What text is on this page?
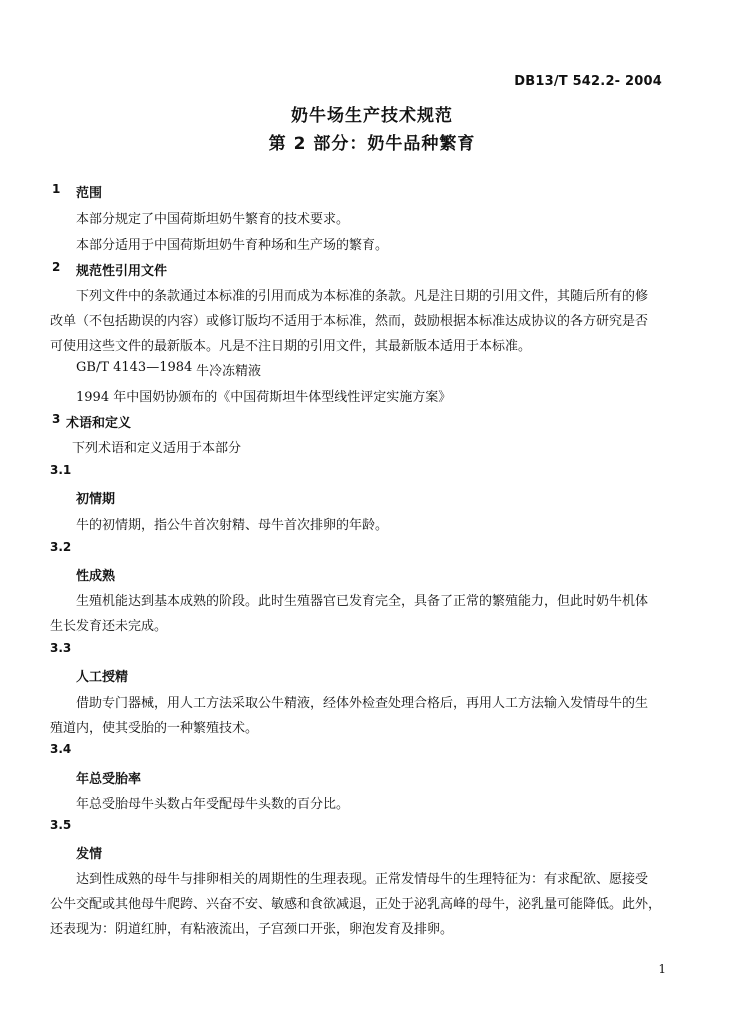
DB13/T 542.2- 2004
奶牛场生产技术规范
第 2 部分：奶牛品种繁育
1 范围
本部分规定了中国荷斯坦奶牛繁育的技术要求。
本部分适用于中国荷斯坦奶牛育种场和生产场的繁育。
2 规范性引用文件
下列文件中的条款通过本标准的引用而成为本标准的条款。凡是注日期的引用文件，其随后所有的修
改单（不包括勘误的内容）或修订版均不适用于本标准，然而，鼓励根据本标准达成协议的各方研究是否
可使用这些文件的最新版本。凡是不注日期的引用文件，其最新版本适用于本标准。
GB/T 4143—1984 牛冷冻精液
1994 年中国奶协颁布的《中国荷斯坦牛体型线性评定实施方案》
3 术语和定义
下列术语和定义适用于本部分
3.1
初情期
牛的初情期，指公牛首次射精、母牛首次排卵的年龄。
3.2
性成熟
生殖机能达到基本成熟的阶段。此时生殖器官已发育完全，具备了正常的繁殖能力，但此时奶牛机体
生长发育还未完成。
3.3
人工授精
借助专门器械，用人工方法采取公牛精液，经体外检查处理合格后，再用人工方法输入发情母牛的生
殖道内，使其受胎的一种繁殖技术。
3.4
年总受胎率
年总受胎母牛头数占年受配母牛头数的百分比。
3.5
发情
达到性成熟的母牛与排卵相关的周期性的生理表现。正常发情母牛的生理特征为：有求配欲、愿接受
公牛交配或其他母牛爬跨、兴奋不安、敏感和食欲减退，正处于泌乳高峰的母牛，泌乳量可能降低。此外，
还表现为：阴道红肿，有粘液流出，子宫颈口开张，卵泡发育及排卵。
1
